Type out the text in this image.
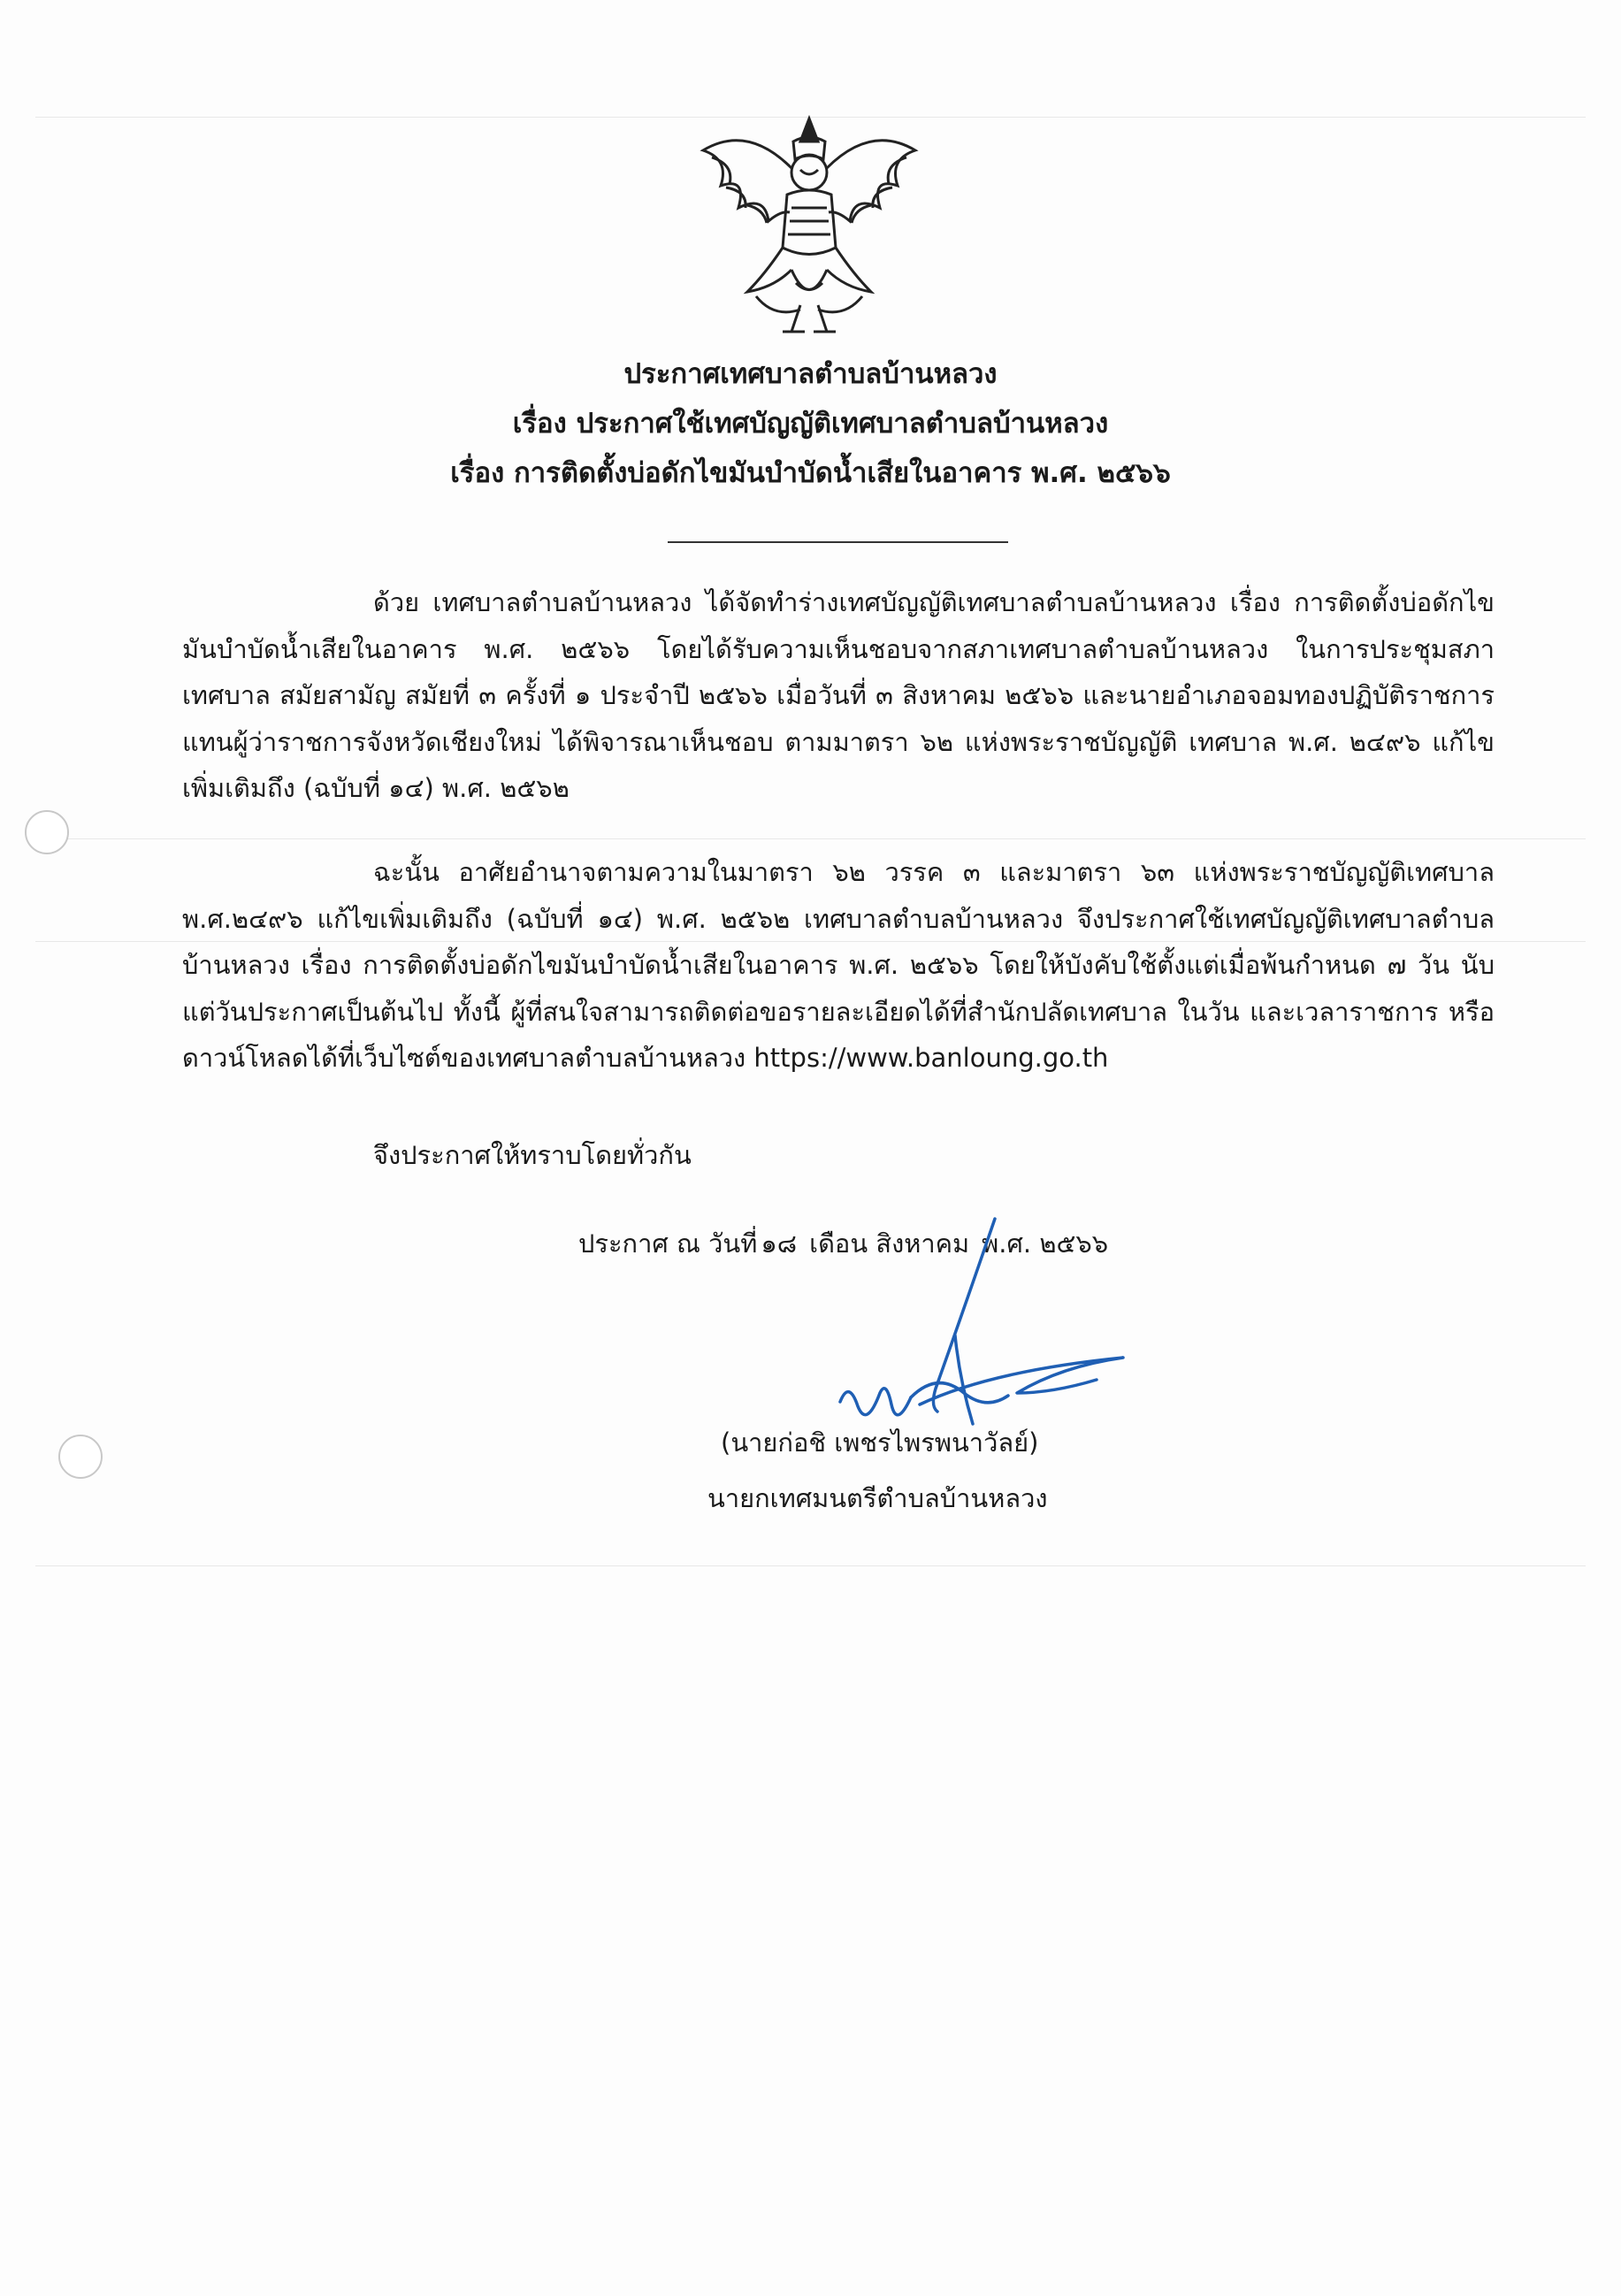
ประกาศเทศบาลตำบลบ้านหลวง
เรื่อง ประกาศใช้เทศบัญญัติเทศบาลตำบลบ้านหลวง
เรื่อง การติดตั้งบ่อดักไขมันบำบัดน้ำเสียในอาคาร พ.ศ. ๒๕๖๖
ด้วย เทศบาลตำบลบ้านหลวง ได้จัดทำร่างเทศบัญญัติเทศบาลตำบลบ้านหลวง เรื่อง การติดตั้งบ่อดักไขมันบำบัดน้ำเสียในอาคาร พ.ศ. ๒๕๖๖ โดยได้รับความเห็นชอบจากสภาเทศบาลตำบลบ้านหลวง ในการประชุมสภาเทศบาล สมัยสามัญ สมัยที่ ๓ ครั้งที่ ๑ ประจำปี ๒๕๖๖ เมื่อวันที่ ๓ สิงหาคม ๒๕๖๖ และนายอำเภอจอมทองปฏิบัติราชการแทนผู้ว่าราชการจังหวัดเชียงใหม่ ได้พิจารณาเห็นชอบ ตามมาตรา ๖๒ แห่งพระราชบัญญัติ เทศบาล พ.ศ. ๒๔๙๖ แก้ไขเพิ่มเติมถึง (ฉบับที่ ๑๔) พ.ศ. ๒๕๖๒
ฉะนั้น อาศัยอำนาจตามความในมาตรา ๖๒ วรรค ๓ และมาตรา ๖๓ แห่งพระราชบัญญัติเทศบาล พ.ศ.๒๔๙๖ แก้ไขเพิ่มเติมถึง (ฉบับที่ ๑๔) พ.ศ. ๒๕๖๒ เทศบาลตำบลบ้านหลวง จึงประกาศใช้เทศบัญญัติเทศบาลตำบลบ้านหลวง เรื่อง การติดตั้งบ่อดักไขมันบำบัดน้ำเสียในอาคาร พ.ศ. ๒๕๖๖ โดยให้บังคับใช้ตั้งแต่เมื่อพ้นกำหนด ๗ วัน นับแต่วันประกาศเป็นต้นไป ทั้งนี้ ผู้ที่สนใจสามารถติดต่อขอรายละเอียดได้ที่สำนักปลัดเทศบาล ในวัน และเวลาราชการ หรือดาวน์โหลดได้ที่เว็บไซต์ของเทศบาลตำบลบ้านหลวง https://www.banloung.go.th
จึงประกาศให้ทราบโดยทั่วกัน
ประกาศ ณ วันที่ ๑๘ เดือน สิงหาคม พ.ศ. ๒๕๖๖
(นายก่อชิ เพชรไพรพนาวัลย์)
นายกเทศมนตรีตำบลบ้านหลวง
